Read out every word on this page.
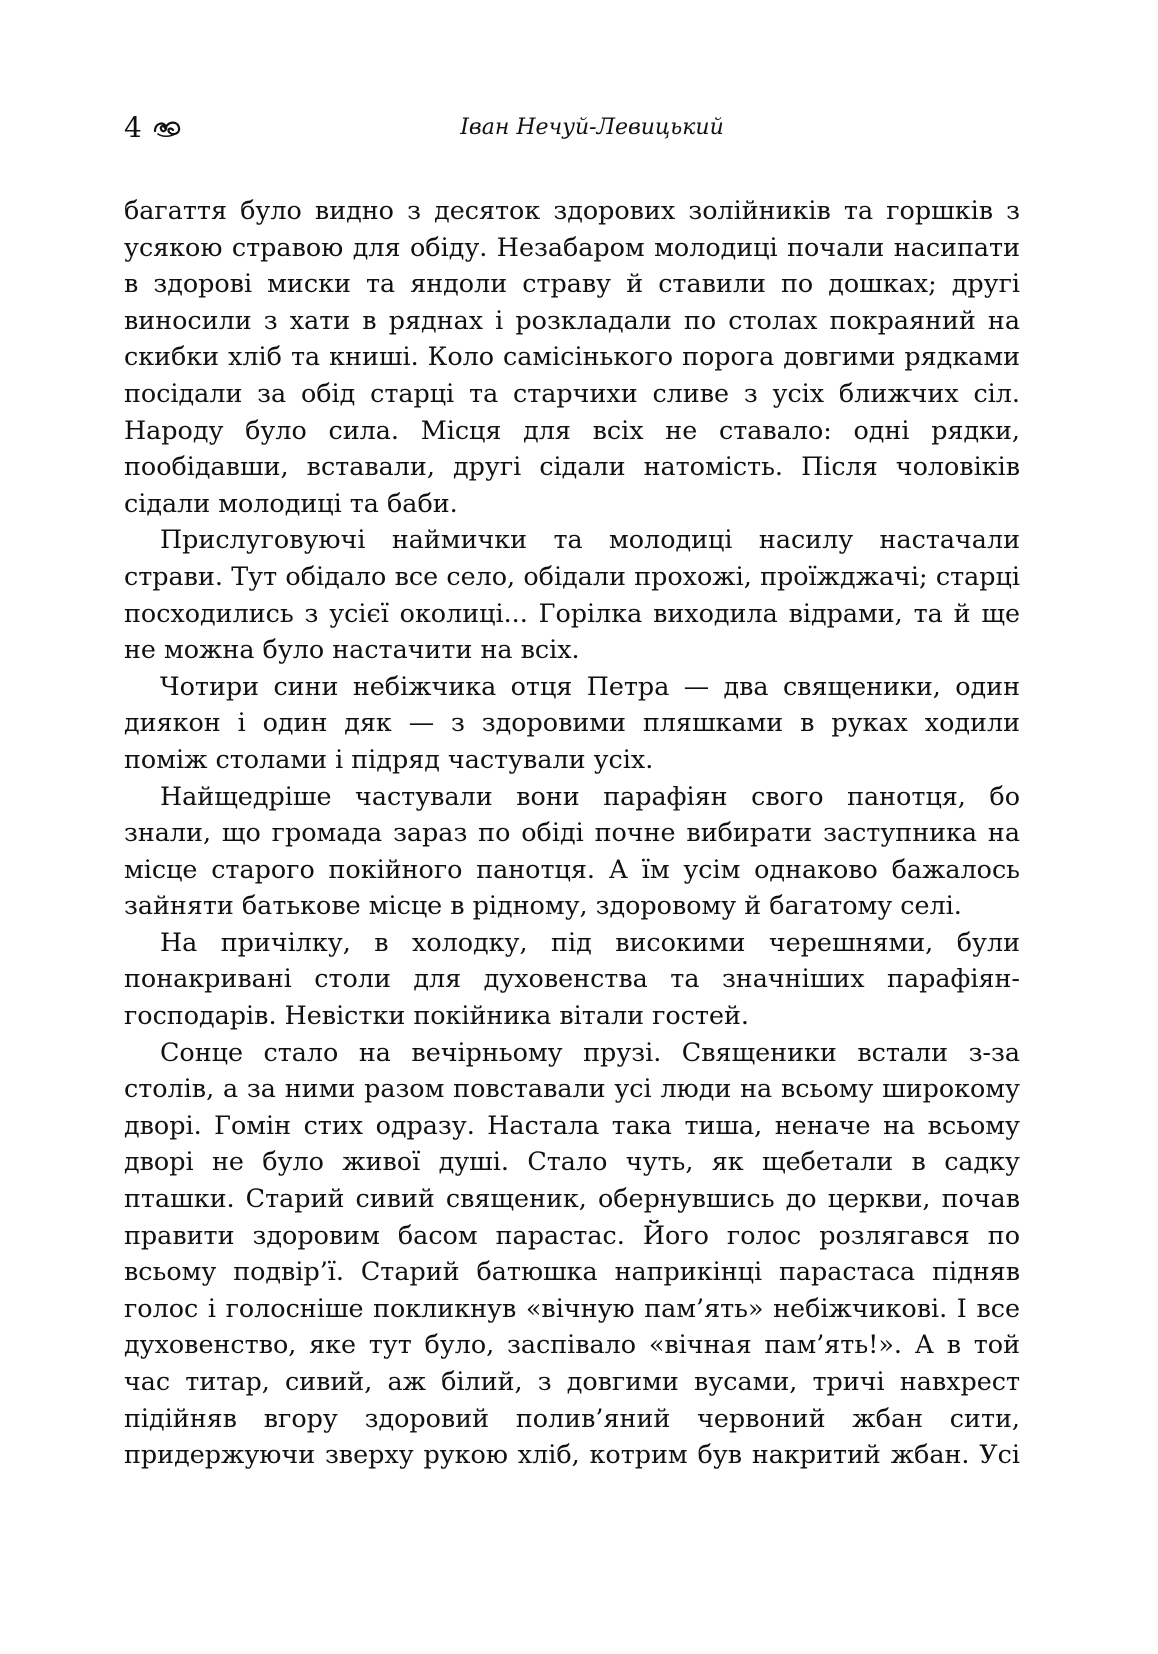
4	Іван Нечуй-Левицький

багаття було видно з десяток здорових золійників та горшків з усякою стравою для обіду. Незабаром молодиці почали насипати в здорові миски та яндоли страву й ставили по дошках; другі виносили з хати в ряднах і розкладали по столах покраяний на скибки хліб та книші. Коло самісінького порога довгими рядками посідали за обід старці та старчихи сливе з усіх ближчих сіл. Народу було сила. Місця для всіх не ставало: одні рядки, пообідавши, вставали, другі сідали натомість. Після чоловіків сідали молодиці та баби.

Прислуговуючі наймички та молодиці насилу настачали страви. Тут обідало все село, обідали прохожі, проїжджачі; старці посходились з усієї околиці... Горілка виходила відрами, та й ще не можна було настачити на всіх.

Чотири сини небіжчика отця Петра — два священики, один диякон і один дяк — з здоровими пляшками в руках ходили поміж столами і підряд частували усіх.

Найщедріше частували вони парафіян свого панотця, бо знали, що громада зараз по обіді почне вибирати заступника на місце старого покійного панотця. А їм усім однаково бажалось зайняти батькове місце в рідному, здоровому й багатому селі.

На причілку, в холодку, під високими черешнями, були понакривані столи для духовенства та значніших парафіян-господарів. Невістки покійника вітали гостей.

Сонце стало на вечірньому прузі. Священики встали з-за столів, а за ними разом повставали усі люди на всьому широкому дворі. Гомін стих одразу. Настала така тиша, неначе на всьому дворі не було живої душі. Стало чуть, як щебетали в садку пташки. Старий сивий священик, обернувшись до церкви, почав правити здоровим басом парастас. Його голос розлягався по всьому подвір’ї. Старий батюшка наприкінці парастаса підняв голос і голосніше покликнув «вічную пам’ять» небіжчикові. І все духовенство, яке тут було, заспівало «вічная пам’ять!». А в той час титар, сивий, аж білий, з довгими вусами, тричі навхрест підійняв вгору здоровий полив’яний червоний жбан сити, придержуючи зверху рукою хліб, котрим був накритий жбан. Усі
